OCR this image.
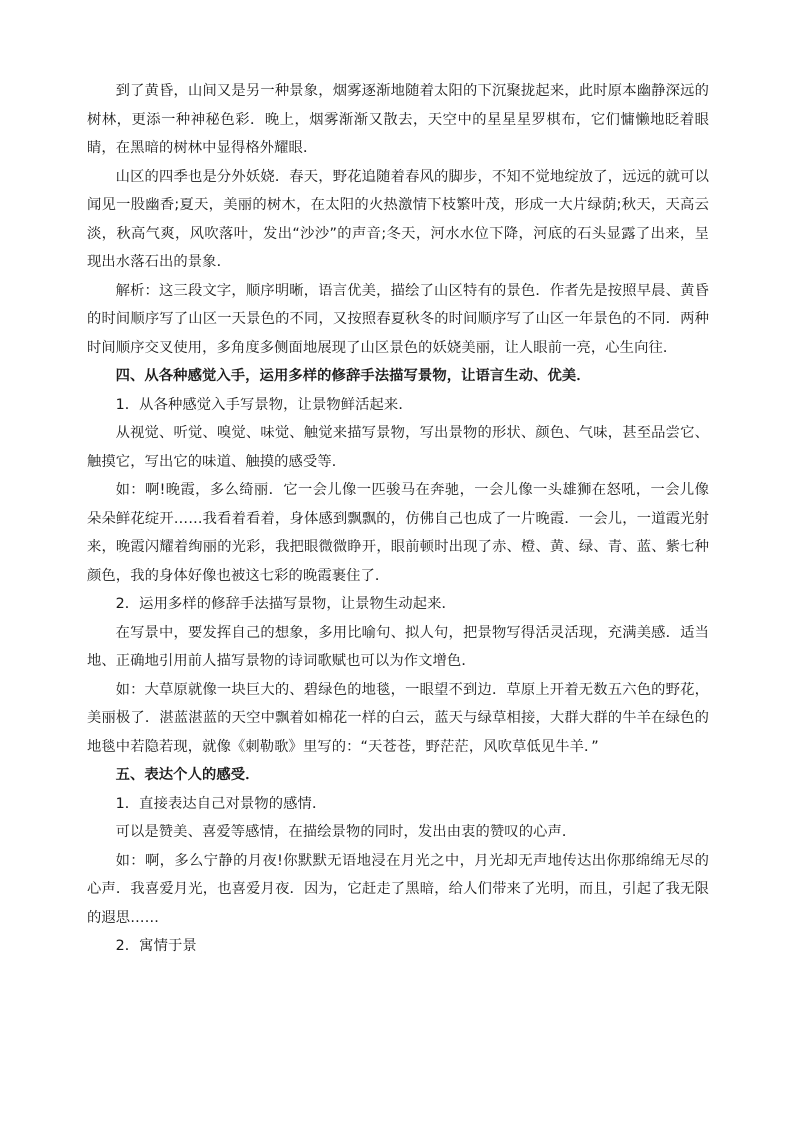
到了黄昏，山间又是另一种景象，烟雾逐渐地随着太阳的下沉聚拢起来，此时原本幽静深远的树林，更添一种神秘色彩．晚上，烟雾渐渐又散去，天空中的星星星罗棋布，它们慵懒地眨着眼睛，在黑暗的树林中显得格外耀眼．

山区的四季也是分外妖娆．春天，野花追随着春风的脚步，不知不觉地绽放了，远远的就可以闻见一股幽香;夏天，美丽的树木，在太阳的火热激情下枝繁叶茂，形成一大片绿荫;秋天，天高云淡，秋高气爽，风吹落叶，发出“沙沙”的声音;冬天，河水水位下降，河底的石头显露了出来，呈现出水落石出的景象．

解析：这三段文字，顺序明晰，语言优美，描绘了山区特有的景色．作者先是按照早晨、黄昏的时间顺序写了山区一天景色的不同，又按照春夏秋冬的时间顺序写了山区一年景色的不同．两种时间顺序交叉使用，多角度多侧面地展现了山区景色的妖娆美丽，让人眼前一亮，心生向往．

四、从各种感觉入手，运用多样的修辞手法描写景物，让语言生动、优美．

1．从各种感觉入手写景物，让景物鲜活起来．

从视觉、听觉、嗅觉、味觉、触觉来描写景物，写出景物的形状、颜色、气味，甚至品尝它、触摸它，写出它的味道、触摸的感受等．

如：啊!晚霞，多么绮丽．它一会儿像一匹骏马在奔驰，一会儿像一头雄狮在怒吼，一会儿像朵朵鲜花绽开……我看着看着，身体感到飘飘的，仿佛自己也成了一片晚霞．一会儿，一道霞光射来，晚霞闪耀着绚丽的光彩，我把眼微微睁开，眼前顿时出现了赤、橙、黄、绿、青、蓝、紫七种颜色，我的身体好像也被这七彩的晚霞裹住了．

2．运用多样的修辞手法描写景物，让景物生动起来．

在写景中，要发挥自己的想象，多用比喻句、拟人句，把景物写得活灵活现，充满美感．适当地、正确地引用前人描写景物的诗词歌赋也可以为作文增色．

如：大草原就像一块巨大的、碧绿色的地毯，一眼望不到边．草原上开着无数五六色的野花，美丽极了．湛蓝湛蓝的天空中飘着如棉花一样的白云，蓝天与绿草相接，大群大群的牛羊在绿色的地毯中若隐若现，就像《刺勒歌》里写的：“天苍苍，野茫茫，风吹草低见牛羊．”

五、表达个人的感受．

1．直接表达自己对景物的感情．

可以是赞美、喜爱等感情，在描绘景物的同时，发出由衷的赞叹的心声．

如：啊，多么宁静的月夜!你默默无语地浸在月光之中，月光却无声地传达出你那绵绵无尽的心声．我喜爱月光，也喜爱月夜．因为，它赶走了黑暗，给人们带来了光明，而且，引起了我无限的遐思……

2．寓情于景
